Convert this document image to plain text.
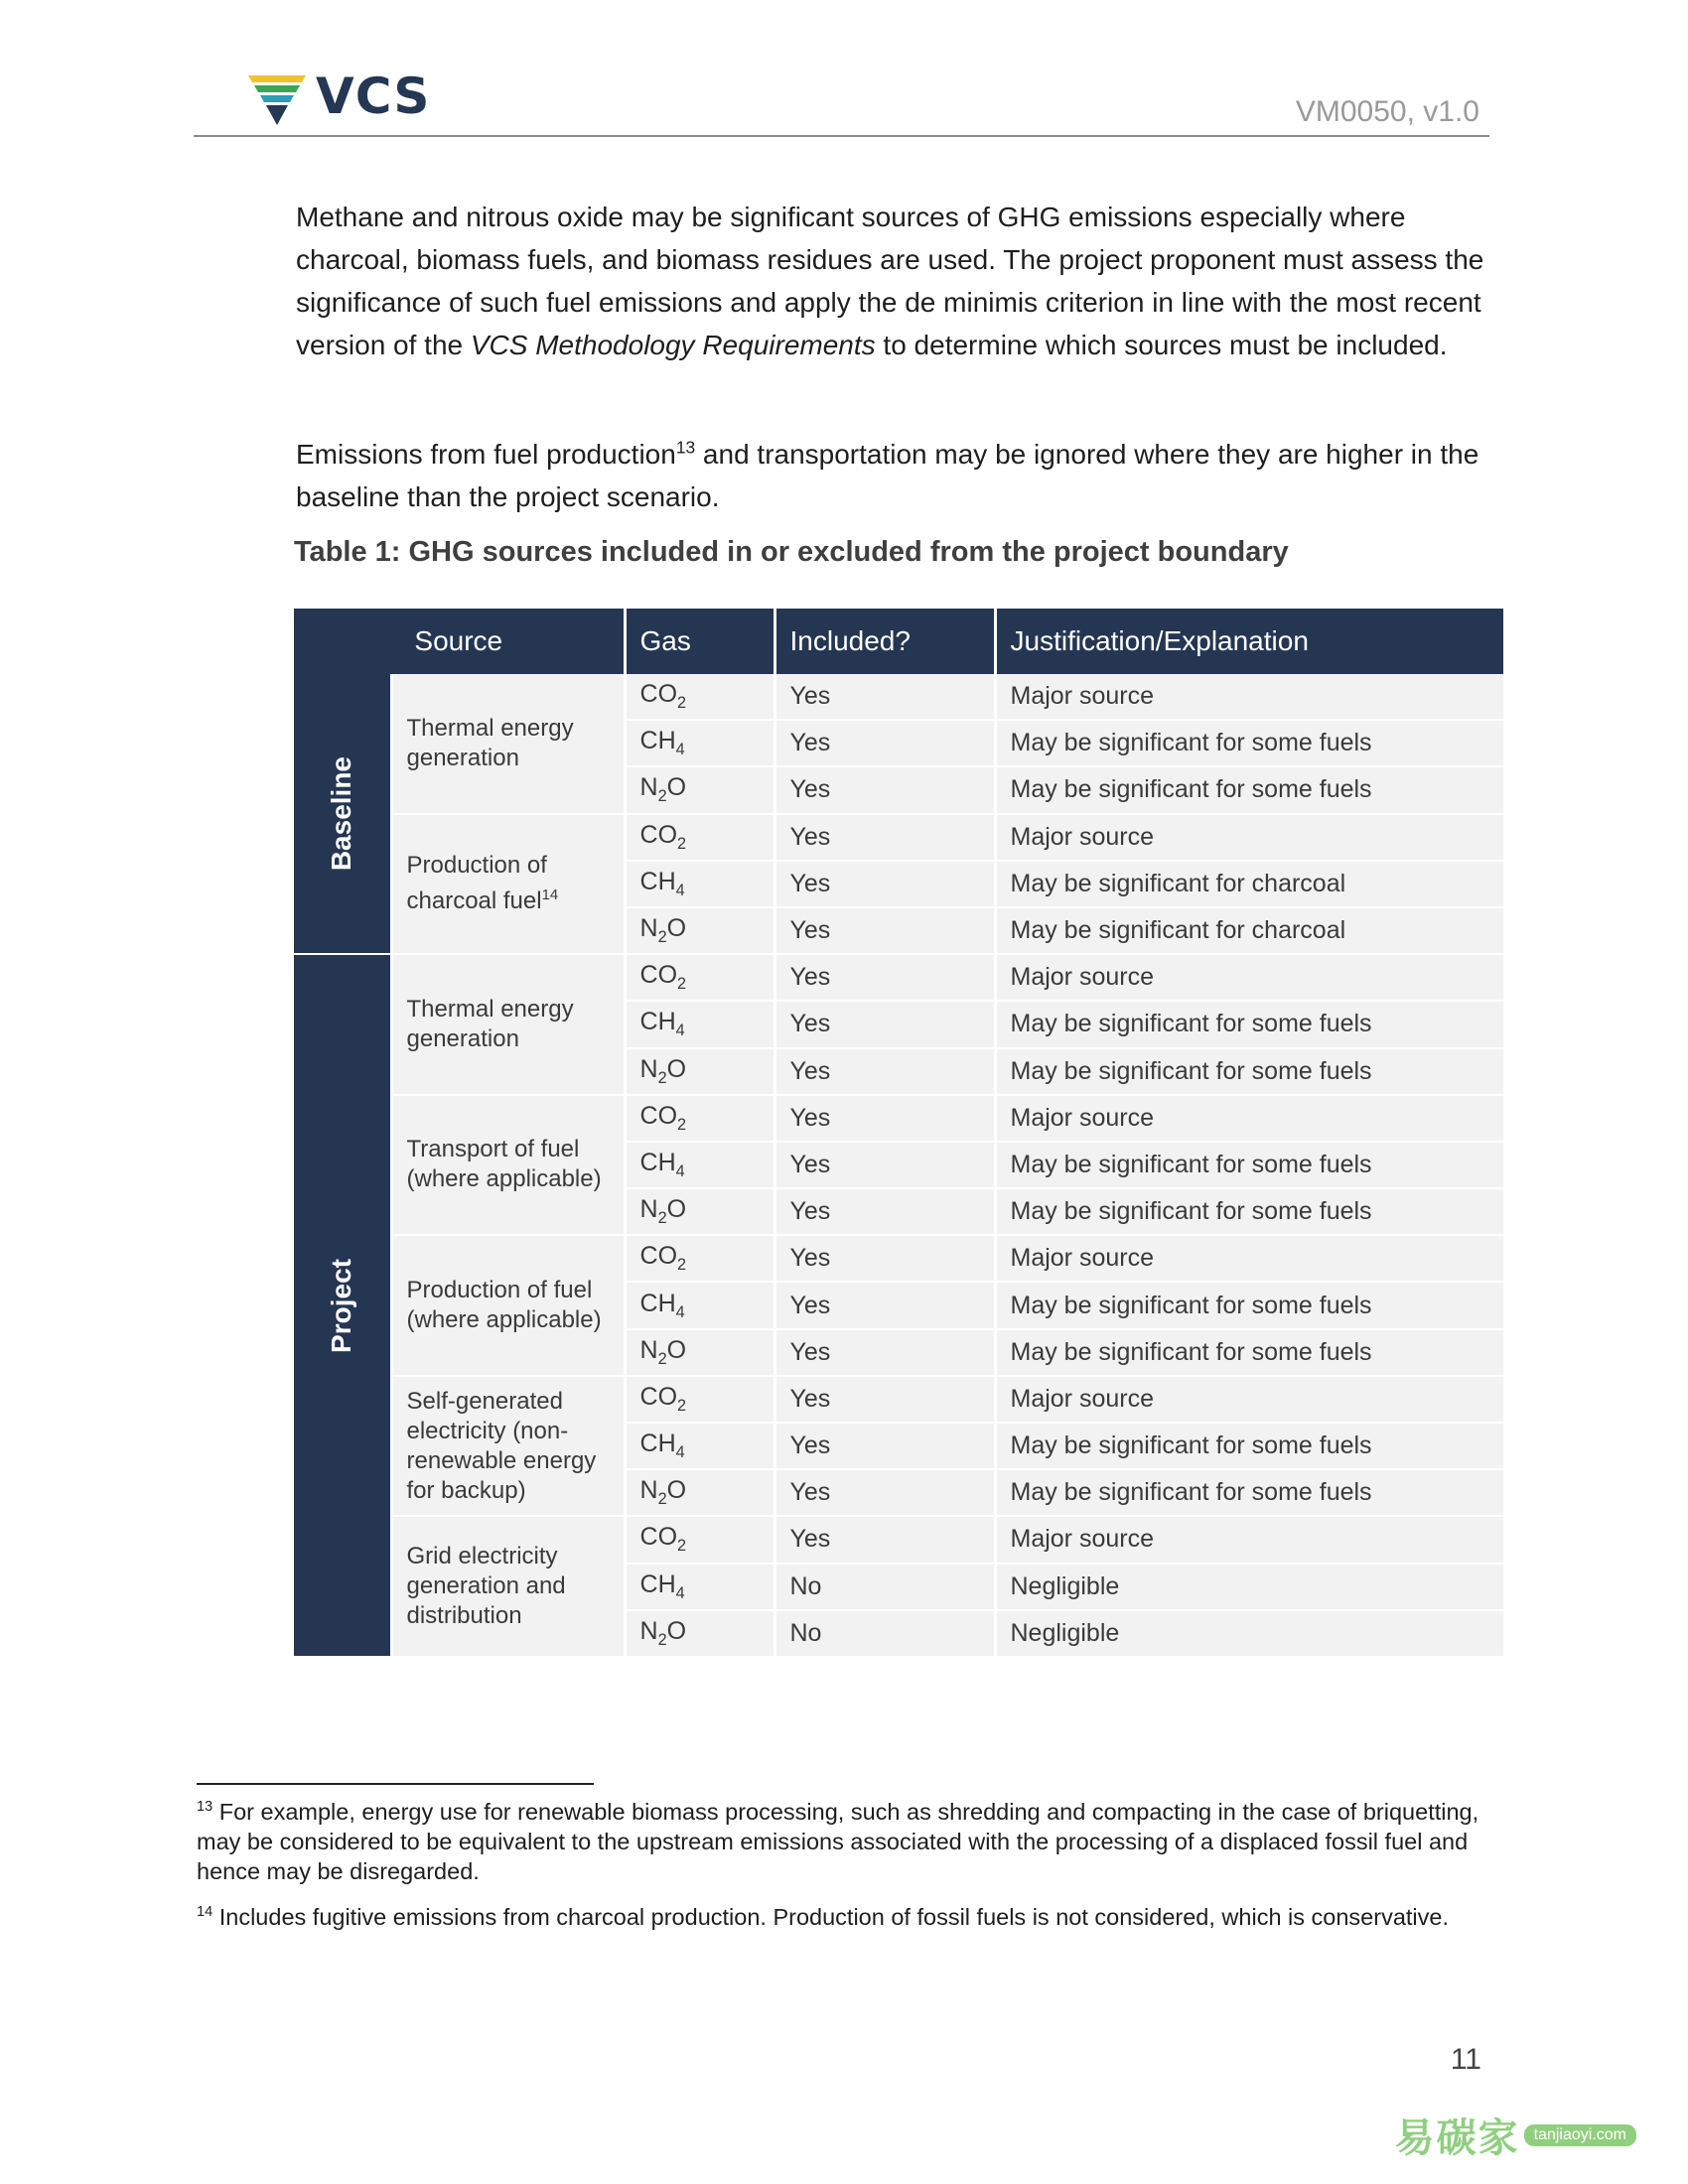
VCS	VM0050, v1.0

Methane and nitrous oxide may be significant sources of GHG emissions especially where charcoal, biomass fuels, and biomass residues are used. The project proponent must assess the significance of such fuel emissions and apply the de minimis criterion in line with the most recent version of the VCS Methodology Requirements to determine which sources must be included.

Emissions from fuel production$^{13}$ and transportation may be ignored where they are higher in the baseline than the project scenario.

Table 1: GHG sources included in or excluded from the project boundary

Source		Gas	Included?	Justification/Explanation

Baseline	Thermal energy generation	$CO_2$	Yes	Major source
		$CH_4$	Yes	May be significant for some fuels
		$N_2O$	Yes	May be significant for some fuels
	Production of charcoal fuel$^{14}$	$CO_2$	Yes	Major source
		$CH_4$	Yes	May be significant for charcoal
		$N_2O$	Yes	May be significant for charcoal

Project	Thermal energy generation	$CO_2$	Yes	Major source
		$CH_4$	Yes	May be significant for some fuels
		$N_2O$	Yes	May be significant for some fuels
	Transport of fuel (where applicable)	$CO_2$	Yes	Major source
		$CH_4$	Yes	May be significant for some fuels
		$N_2O$	Yes	May be significant for some fuels
	Production of fuel (where applicable)	$CO_2$	Yes	Major source
		$CH_4$	Yes	May be significant for some fuels
		$N_2O$	Yes	May be significant for some fuels
	Self-generated electricity (non-renewable energy for backup)	$CO_2$	Yes	Major source
		$CH_4$	Yes	May be significant for some fuels
		$N_2O$	Yes	May be significant for some fuels
	Grid electricity generation and distribution	$CO_2$	Yes	Major source
		$CH_4$	No	Negligible
		$N_2O$	No	Negligible

$^{13}$ For example, energy use for renewable biomass processing, such as shredding and compacting in the case of briquetting, may be considered to be equivalent to the upstream emissions associated with the processing of a displaced fossil fuel and hence may be disregarded.

$^{14}$ Includes fugitive emissions from charcoal production. Production of fossil fuels is not considered, which is conservative.

11
易碳家 tanjiaoyi.com
